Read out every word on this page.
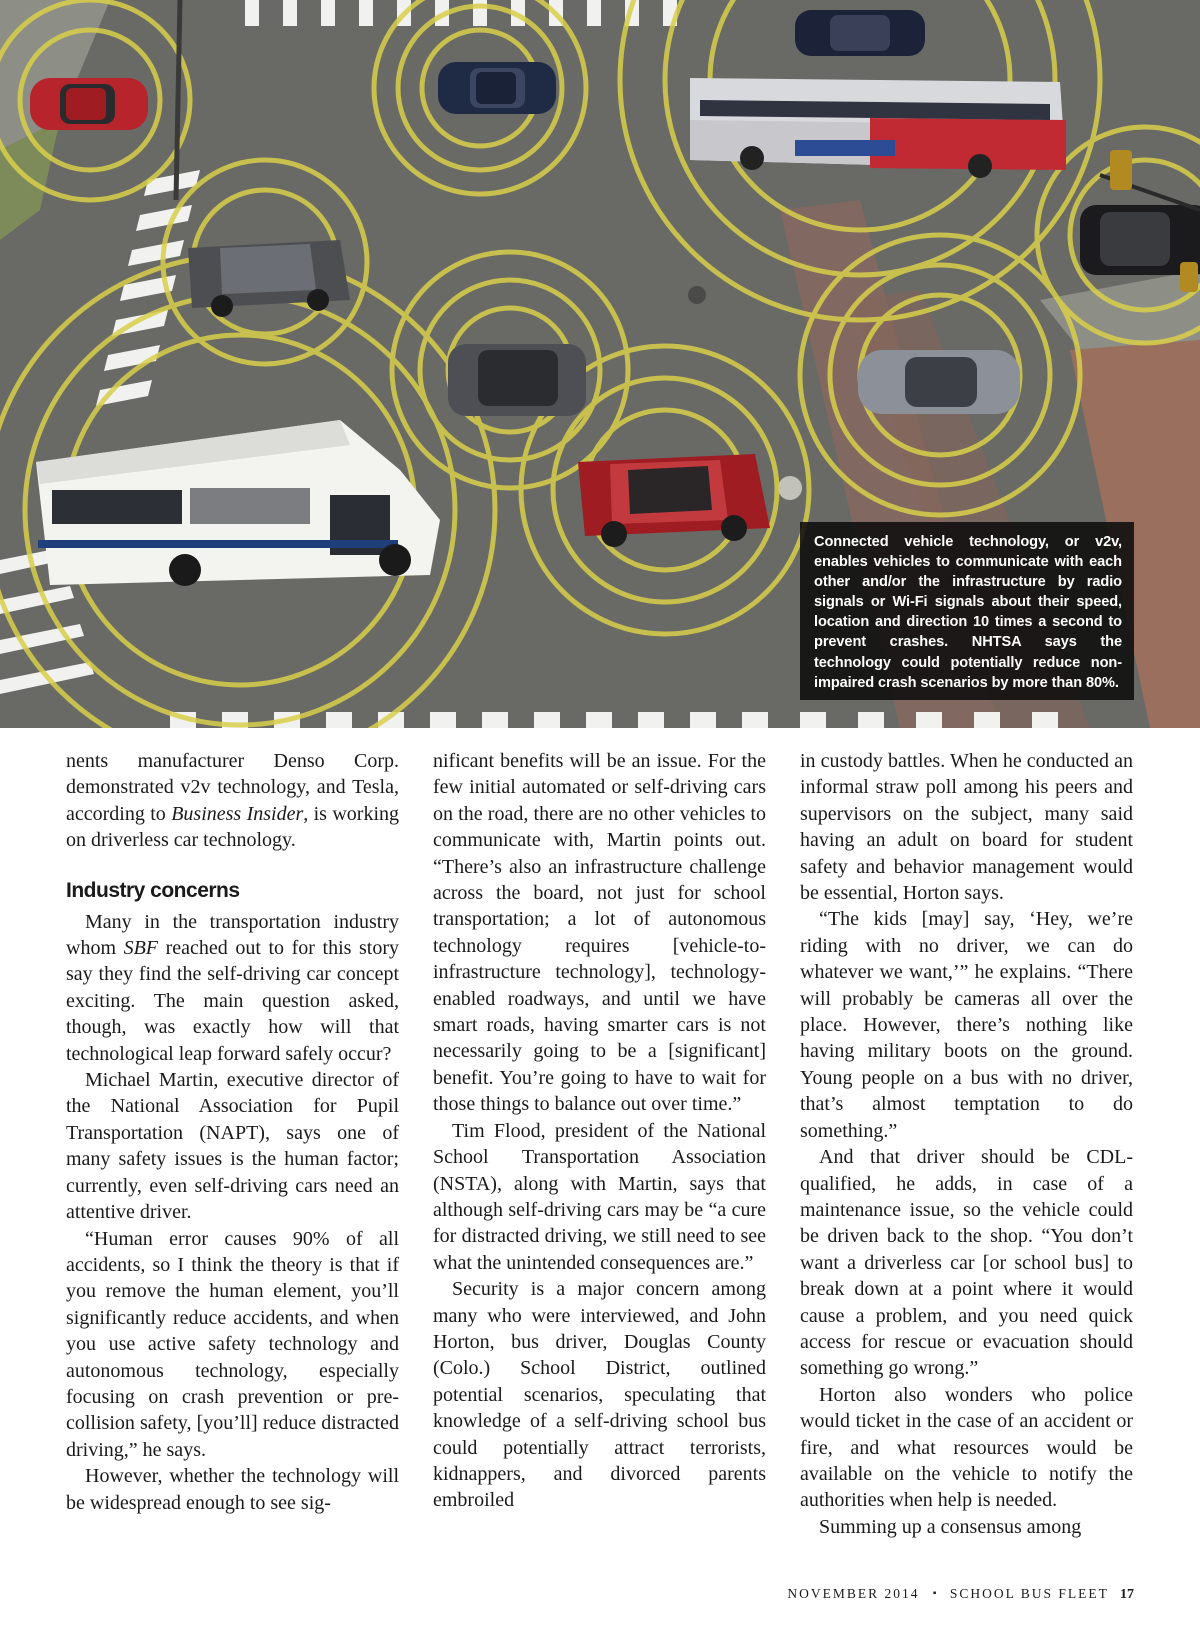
Connected vehicle technology, or v2v, enables vehicles to communicate with each other and/or the infrastructure by radio signals or Wi-Fi signals about their speed, location and direction 10 times a second to prevent crashes. NHTSA says the technology could potentially reduce non-impaired crash scenarios by more than 80%.

nents manufacturer Denso Corp. demonstrated v2v technology, and Tesla, according to Business Insider, is working on driverless car technology.

Industry concerns

Many in the transportation industry whom SBF reached out to for this story say they find the self-driving car concept exciting. The main question asked, though, was exactly how will that technological leap forward safely occur?

Michael Martin, executive director of the National Association for Pupil Transportation (NAPT), says one of many safety issues is the human factor; currently, even self-driving cars need an attentive driver.

“Human error causes 90% of all accidents, so I think the theory is that if you remove the human element, you’ll significantly reduce accidents, and when you use active safety technology and autonomous technology, especially focusing on crash prevention or pre-collision safety, [you’ll] reduce distracted driving,” he says.

However, whether the technology will be widespread enough to see sig-

nificant benefits will be an issue. For the few initial automated or self-driving cars on the road, there are no other vehicles to communicate with, Martin points out. “There’s also an infrastructure challenge across the board, not just for school transportation; a lot of autonomous technology requires [vehicle-to-infrastructure technology], technology-enabled roadways, and until we have smart roads, having smarter cars is not necessarily going to be a [significant] benefit. You’re going to have to wait for those things to balance out over time.”

Tim Flood, president of the National School Transportation Association (NSTA), along with Martin, says that although self-driving cars may be “a cure for distracted driving, we still need to see what the unintended consequences are.”

Security is a major concern among many who were interviewed, and John Horton, bus driver, Douglas County (Colo.) School District, outlined potential scenarios, speculating that knowledge of a self-driving school bus could potentially attract terrorists, kidnappers, and divorced parents embroiled

in custody battles. When he conducted an informal straw poll among his peers and supervisors on the subject, many said having an adult on board for student safety and behavior management would be essential, Horton says.

“The kids [may] say, ‘Hey, we’re riding with no driver, we can do whatever we want,’” he explains. “There will probably be cameras all over the place. However, there’s nothing like having military boots on the ground. Young people on a bus with no driver, that’s almost temptation to do something.”

And that driver should be CDL-qualified, he adds, in case of a maintenance issue, so the vehicle could be driven back to the shop. “You don’t want a driverless car [or school bus] to break down at a point where it would cause a problem, and you need quick access for rescue or evacuation should something go wrong.”

Horton also wonders who police would ticket in the case of an accident or fire, and what resources would be available on the vehicle to notify the authorities when help is needed.

Summing up a consensus among

NOVEMBER 2014 ▪ SCHOOL BUS FLEET 17
